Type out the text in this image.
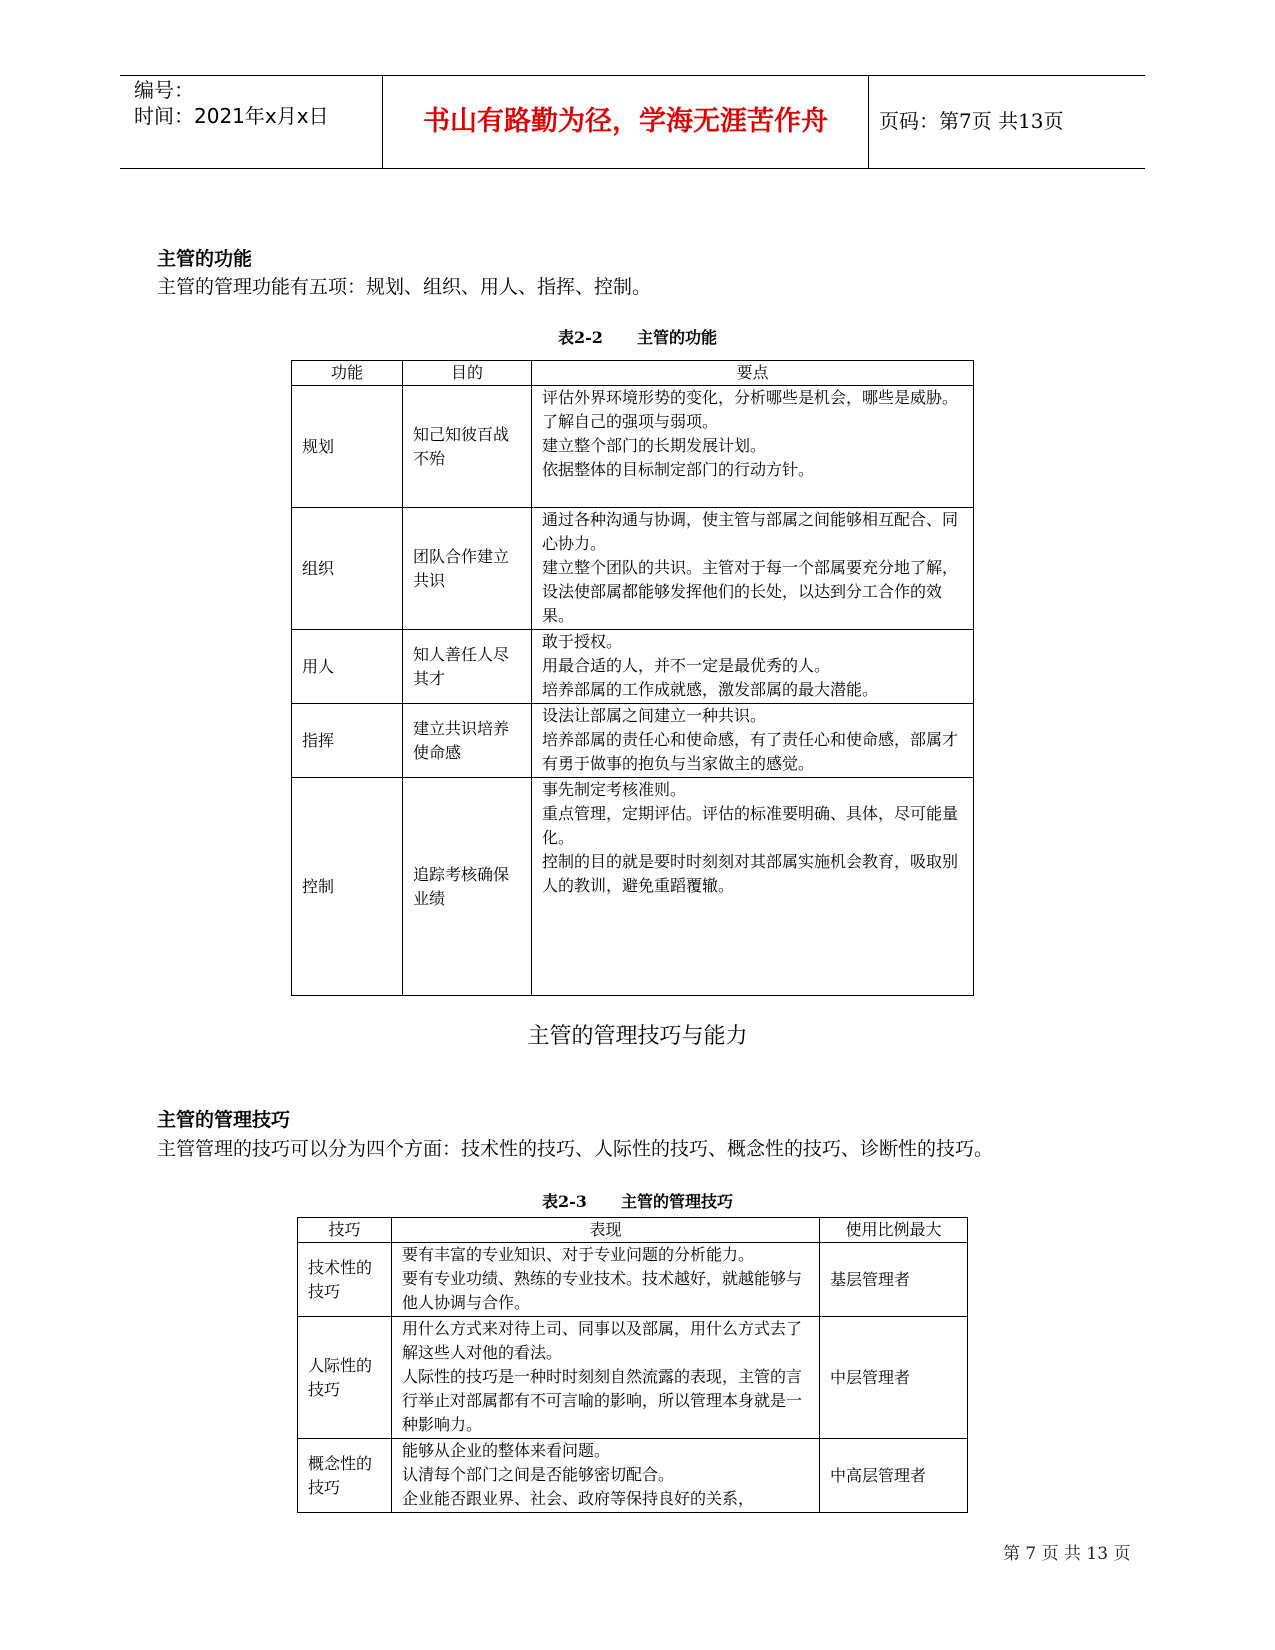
编号：
时间：2021年x月x日	书山有路勤为径，学海无涯苦作舟	页码：第7页 共13页
主管的功能
主管的管理功能有五项：规划、组织、用人、指挥、控制。
表2-2 主管的功能
功能	目的	要点
规划	知己知彼百战不殆	评估外界环境形势的变化，分析哪些是机会，哪些是威胁。
了解自己的强项与弱项。
建立整个部门的长期发展计划。
依据整体的目标制定部门的行动方针。
组织	团队合作建立共识	通过各种沟通与协调，使主管与部属之间能够相互配合、同心协力。
建立整个团队的共识。主管对于每一个部属要充分地了解，设法使部属都能够发挥他们的长处，以达到分工合作的效果。
用人	知人善任人尽其才	敢于授权。
用最合适的人，并不一定是最优秀的人。
培养部属的工作成就感，激发部属的最大潜能。
指挥	建立共识培养使命感	设法让部属之间建立一种共识。
培养部属的责任心和使命感，有了责任心和使命感，部属才有勇于做事的抱负与当家做主的感觉。
控制	追踪考核确保业绩	事先制定考核准则。
重点管理，定期评估。评估的标准要明确、具体，尽可能量化。
控制的目的就是要时时刻刻对其部属实施机会教育，吸取别人的教训，避免重蹈覆辙。
主管的管理技巧与能力
主管的管理技巧
主管管理的技巧可以分为四个方面：技术性的技巧、人际性的技巧、概念性的技巧、诊断性的技巧。
表2-3 主管的管理技巧
技巧	表现	使用比例最大
技术性的技巧	要有丰富的专业知识、对于专业问题的分析能力。
要有专业功绩、熟练的专业技术。技术越好，就越能够与他人协调与合作。	基层管理者
人际性的技巧	用什么方式来对待上司、同事以及部属，用什么方式去了解这些人对他的看法。
人际性的技巧是一种时时刻刻自然流露的表现，主管的言行举止对部属都有不可言喻的影响，所以管理本身就是一种影响力。	中层管理者
概念性的技巧	能够从企业的整体来看问题。
认清每个部门之间是否能够密切配合。
企业能否跟业界、社会、政府等保持良好的关系，	中高层管理者
第 7 页 共 13 页
